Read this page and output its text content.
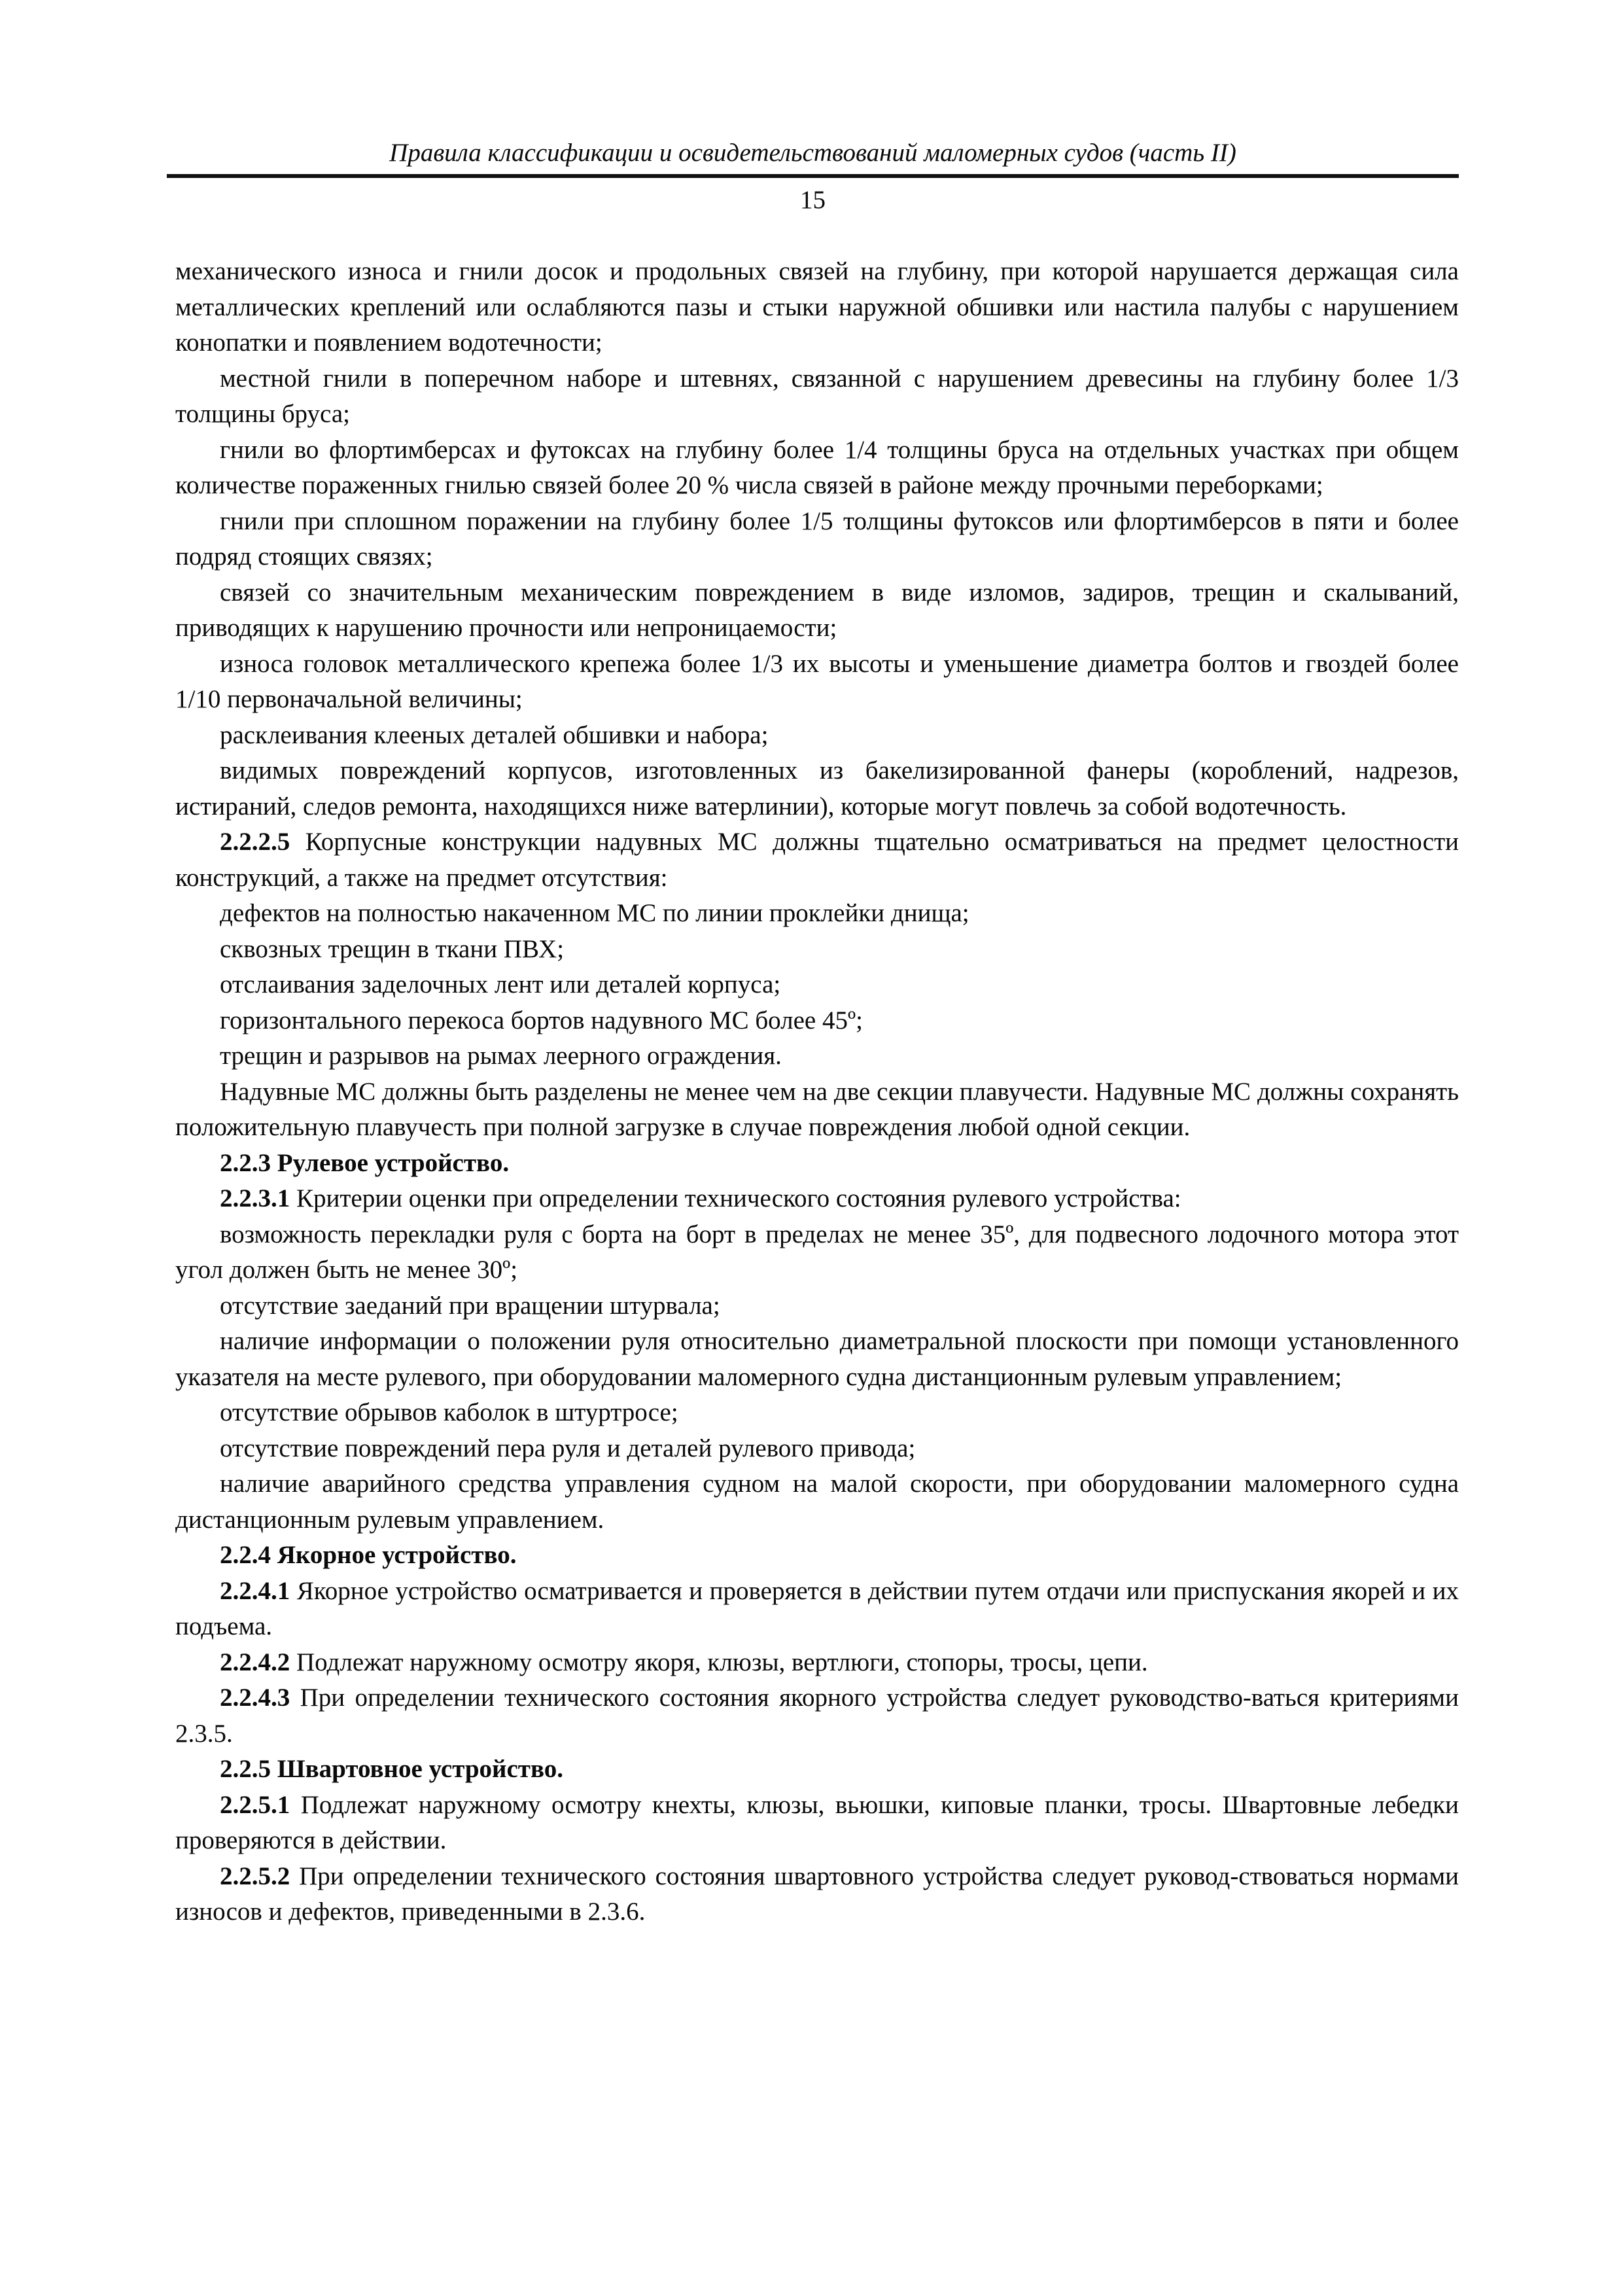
Правила классификации и освидетельствований маломерных судов (часть II)
15

механического износа и гнили досок и продольных связей на глубину, при которой нарушается держащая сила металлических креплений или ослабляются пазы и стыки наружной обшивки или настила палубы с нарушением конопатки и появлением водотечности;

местной гнили в поперечном наборе и штевнях, связанной с нарушением древесины на глубину более 1/3 толщины бруса;

гнили во флортимберсах и футоксах на глубину более 1/4 толщины бруса на отдельных участках при общем количестве пораженных гнилью связей более 20 % числа связей в районе между прочными переборками;

гнили при сплошном поражении на глубину более 1/5 толщины футоксов или флортимберсов в пяти и более подряд стоящих связях;

связей со значительным механическим повреждением в виде изломов, задиров, трещин и скалываний, приводящих к нарушению прочности или непроницаемости;

износа головок металлического крепежа более 1/3 их высоты и уменьшение диаметра болтов и гвоздей более 1/10 первоначальной величины;

расклеивания клееных деталей обшивки и набора;

видимых повреждений корпусов, изготовленных из бакелизированной фанеры (короблений, надрезов, истираний, следов ремонта, находящихся ниже ватерлинии), которые могут повлечь за собой водотечность.

2.2.2.5 Корпусные конструкции надувных МС должны тщательно осматриваться на предмет целостности конструкций, а также на предмет отсутствия:

дефектов на полностью накаченном МС по линии проклейки днища;

сквозных трещин в ткани ПВХ;

отслаивания заделочных лент или деталей корпуса;

горизонтального перекоса бортов надувного МС более 45º;

трещин и разрывов на рымах леерного ограждения.

Надувные МС должны быть разделены не менее чем на две секции плавучести. Надувные МС должны сохранять положительную плавучесть при полной загрузке в случае повреждения любой одной секции.

2.2.3 Рулевое устройство.

2.2.3.1 Критерии оценки при определении технического состояния рулевого устройства:

возможность перекладки руля с борта на борт в пределах не менее 35º, для подвесного лодочного мотора этот угол должен быть не менее 30º;

отсутствие заеданий при вращении штурвала;

наличие информации о положении руля относительно диаметральной плоскости при помощи установленного указателя на месте рулевого, при оборудовании маломерного судна дистанционным рулевым управлением;

отсутствие обрывов каболок в штуртросе;

отсутствие повреждений пера руля и деталей рулевого привода;

наличие аварийного средства управления судном на малой скорости, при оборудовании маломерного судна дистанционным рулевым управлением.

2.2.4 Якорное устройство.

2.2.4.1 Якорное устройство осматривается и проверяется в действии путем отдачи или приспускания якорей и их подъема.

2.2.4.2 Подлежат наружному осмотру якоря, клюзы, вертлюги, стопоры, тросы, цепи.

2.2.4.3 При определении технического состояния якорного устройства следует руководство-ваться критериями 2.3.5.

2.2.5 Швартовное устройство.

2.2.5.1 Подлежат наружному осмотру кнехты, клюзы, вьюшки, киповые планки, тросы. Швартовные лебедки проверяются в действии.

2.2.5.2 При определении технического состояния швартовного устройства следует руковод-ствоваться нормами износов и дефектов, приведенными в 2.3.6.
